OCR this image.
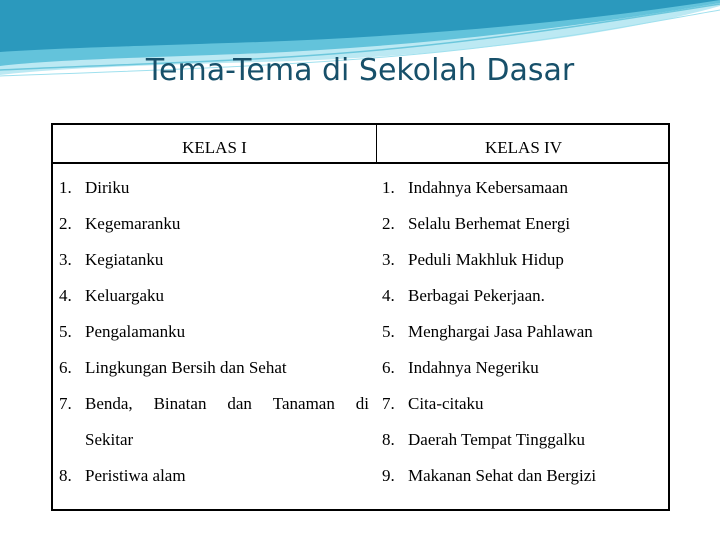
Tema-Tema di Sekolah Dasar
KELAS I	KELAS IV
1. Diriku
2. Kegemaranku
3. Kegiatanku
4. Keluargaku
5. Pengalamanku
6. Lingkungan Bersih dan Sehat
7. Benda, Binatan dan Tanaman di
Sekitar
8. Peristiwa alam
1. Indahnya Kebersamaan
2. Selalu Berhemat Energi
3. Peduli Makhluk Hidup
4. Berbagai Pekerjaan.
5. Menghargai Jasa Pahlawan
6. Indahnya Negeriku
7. Cita-citaku
8. Daerah Tempat Tinggalku
9. Makanan Sehat dan Bergizi
